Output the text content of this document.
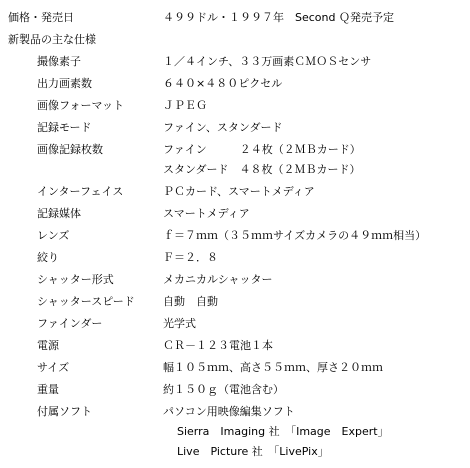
価格・発売日	４９９ドル・１９９７年　Second Ｑ発売予定
新製品の主な仕様
撮像素子	１／４インチ、３３万画素ＣＭＯＳセンサ
出力画素数	６４０×４８０ピクセル
画像フォーマット	ＪＰＥＧ
記録モード	ファイン、スタンダード
画像記録枚数	ファイン　　　２４枚（２ＭＢカード）
スタンダード　４８枚（２ＭＢカード）
インターフェイス	ＰＣカード、スマートメディア
記録媒体	スマートメディア
レンズ	ｆ＝７ｍｍ（３５ｍｍサイズカメラの４９ｍｍ相当）
絞り	Ｆ＝２．８
シャッター形式	メカニカルシャッター
シャッタースピード	自動　自動
ファインダー	光学式
電源	ＣＲ－１２３電池１本
サイズ	幅１０５ｍｍ、高さ５５ｍｍ、厚さ２０ｍｍ
重量	約１５０ｇ（電池含む）
付属ソフト	パソコン用映像編集ソフト
Sierra　Imaging 社　「Image　Expert」
Live　Picture 社　「LivePix」
